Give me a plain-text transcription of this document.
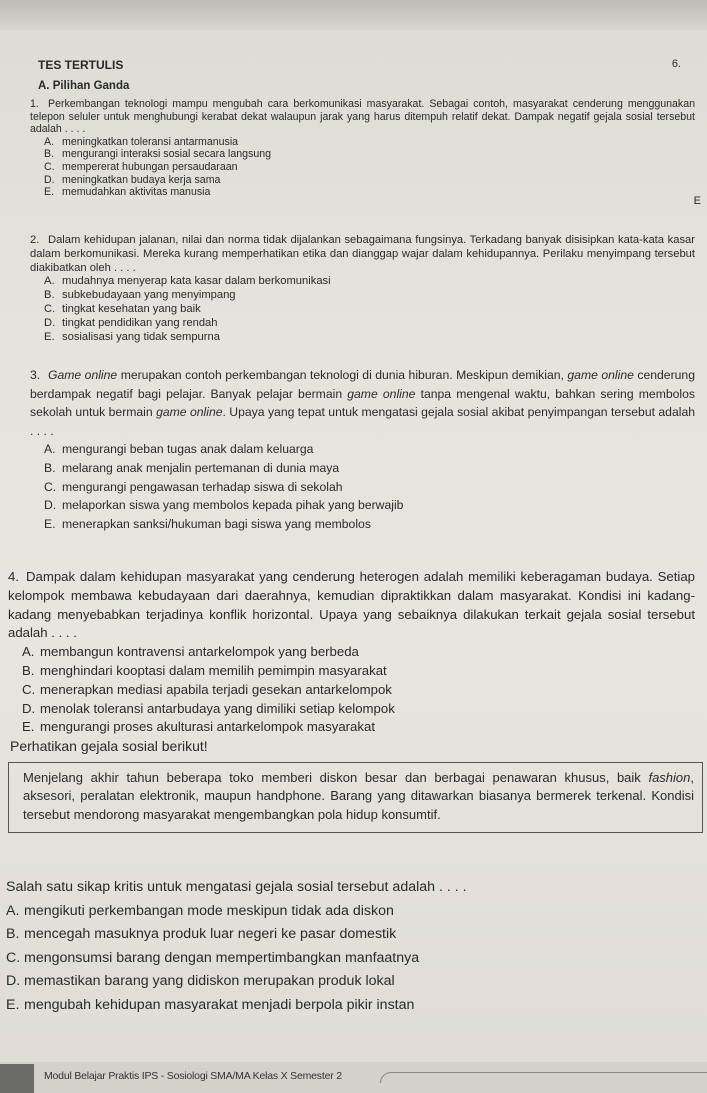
TES TERTULIS	6.
A. Pilihan Ganda
E

1. Perkembangan teknologi mampu mengubah cara berkomunikasi masyarakat. Sebagai contoh, masyarakat cenderung menggunakan telepon seluler untuk menghubungi kerabat dekat walaupun jarak yang harus ditempuh relatif dekat. Dampak negatif gejala sosial tersebut adalah . . . .

A. meningkatkan toleransi antarmanusia

B. mengurangi interaksi sosial secara langsung

C. mempererat hubungan persaudaraan

D. meningkatkan budaya kerja sama

E. memudahkan aktivitas manusia

2. Dalam kehidupan jalanan, nilai dan norma tidak dijalankan sebagaimana fungsinya. Terkadang banyak disisipkan kata-kata kasar dalam berkomunikasi. Mereka kurang memperhatikan etika dan dianggap wajar dalam kehidupannya. Perilaku menyimpang tersebut diakibatkan oleh . . . .

A. mudahnya menyerap kata kasar dalam berkomunikasi

B. subkebudayaan yang menyimpang

C. tingkat kesehatan yang baik

D. tingkat pendidikan yang rendah

E. sosialisasi yang tidak sempurna

3. Game online merupakan contoh perkembangan teknologi di dunia hiburan. Meskipun demikian, game online cenderung berdampak negatif bagi pelajar. Banyak pelajar bermain game online tanpa mengenal waktu, bahkan sering membolos sekolah untuk bermain game online. Upaya yang tepat untuk mengatasi gejala sosial akibat penyimpangan tersebut adalah . . . .

A. mengurangi beban tugas anak dalam keluarga

B. melarang anak menjalin pertemanan di dunia maya

C. mengurangi pengawasan terhadap siswa di sekolah

D. melaporkan siswa yang membolos kepada pihak yang berwajib

E. menerapkan sanksi/hukuman bagi siswa yang membolos

4. Dampak dalam kehidupan masyarakat yang cenderung heterogen adalah memiliki keberagaman budaya. Setiap kelompok membawa kebudayaan dari daerahnya, kemudian dipraktikkan dalam masyarakat. Kondisi ini kadang-kadang menyebabkan terjadinya konflik horizontal. Upaya yang sebaiknya dilakukan terkait gejala sosial tersebut adalah . . . .

A. membangun kontravensi antarkelompok yang berbeda

B. menghindari kooptasi dalam memilih pemimpin masyarakat

C. menerapkan mediasi apabila terjadi gesekan antarkelompok

D. menolak toleransi antarbudaya yang dimiliki setiap kelompok

E. mengurangi proses akulturasi antarkelompok masyarakat

Perhatikan gejala sosial berikut!
Menjelang akhir tahun beberapa toko memberi diskon besar dan berbagai penawaran khusus, baik fashion, aksesori, peralatan elektronik, maupun handphone. Barang yang ditawarkan biasanya bermerek terkenal. Kondisi tersebut mendorong masyarakat mengembangkan pola hidup konsumtif.

Salah satu sikap kritis untuk mengatasi gejala sosial tersebut adalah . . . .

A. mengikuti perkembangan mode meskipun tidak ada diskon

B. mencegah masuknya produk luar negeri ke pasar domestik

C. mengonsumsi barang dengan mempertimbangkan manfaatnya

D. memastikan barang yang didiskon merupakan produk lokal

E. mengubah kehidupan masyarakat menjadi berpola pikir instan

Modul Belajar Praktis IPS - Sosiologi SMA/MA Kelas X Semester 2
